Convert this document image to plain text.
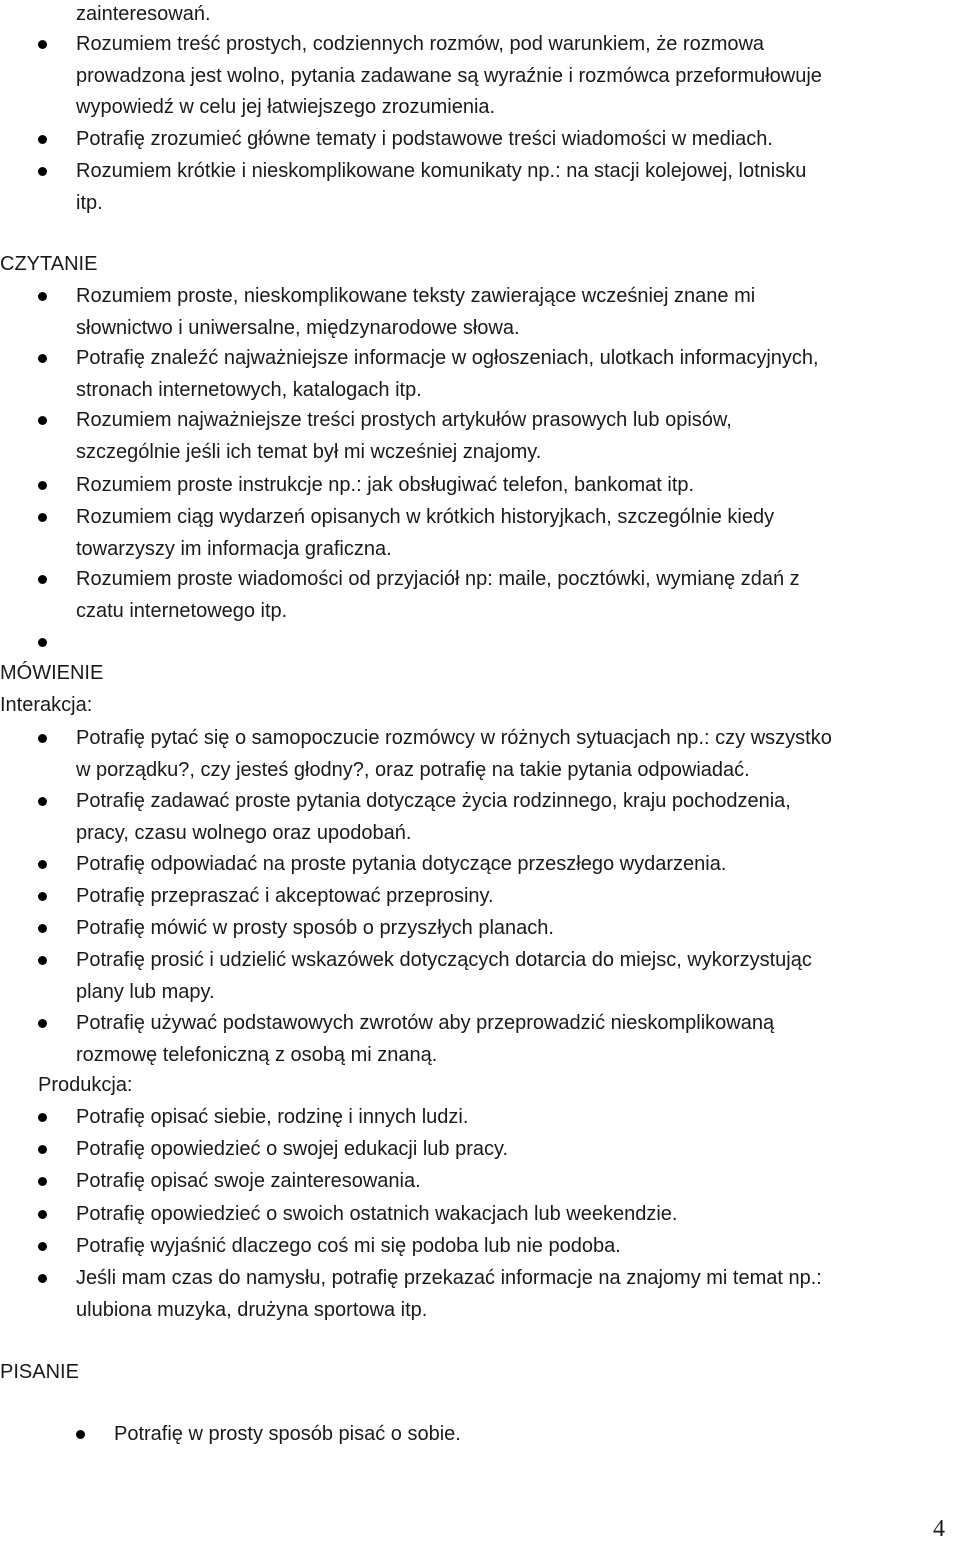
zainteresowań.
4
Rozumiem treść prostych, codziennych rozmów, pod warunkiem, że rozmowa
prowadzona jest wolno, pytania zadawane są wyraźnie i rozmówca przeformułowuje
wypowiedź w celu jej łatwiejszego zrozumienia.
Potrafię zrozumieć główne tematy i podstawowe treści wiadomości w mediach.
Rozumiem krótkie i nieskomplikowane komunikaty np.: na stacji kolejowej, lotnisku
itp.
CZYTANIE
Rozumiem proste, nieskomplikowane teksty zawierające wcześniej znane mi
słownictwo i uniwersalne, międzynarodowe słowa.
Potrafię znaleźć najważniejsze informacje w ogłoszeniach, ulotkach informacyjnych,
stronach internetowych, katalogach itp.
Rozumiem najważniejsze treści prostych artykułów prasowych lub opisów,
szczególnie jeśli ich temat był mi wcześniej znajomy.
Rozumiem proste instrukcje np.: jak obsługiwać telefon, bankomat itp.
Rozumiem ciąg wydarzeń opisanych w krótkich historyjkach, szczególnie kiedy
towarzyszy im informacja graficzna.
Rozumiem proste wiadomości od przyjaciół np: maile, pocztówki, wymianę zdań z
czatu internetowego itp.
MÓWIENIE
Interakcja:
Potrafię pytać się o samopoczucie rozmówcy w różnych sytuacjach np.: czy wszystko
w porządku?, czy jesteś głodny?, oraz potrafię na takie pytania odpowiadać.
Potrafię zadawać proste pytania dotyczące życia rodzinnego, kraju pochodzenia,
pracy, czasu wolnego oraz upodobań.
Potrafię odpowiadać na proste pytania dotyczące przeszłego wydarzenia.
Potrafię przepraszać i akceptować przeprosiny.
Potrafię mówić w prosty sposób o przyszłych planach.
Potrafię prosić i udzielić wskazówek dotyczących dotarcia do miejsc, wykorzystując
plany lub mapy.
Potrafię używać podstawowych zwrotów aby przeprowadzić nieskomplikowaną
rozmowę telefoniczną z osobą mi znaną.
Produkcja:
Potrafię opisać siebie, rodzinę i innych ludzi.
Potrafię opowiedzieć o swojej edukacji lub pracy.
Potrafię opisać swoje zainteresowania.
Potrafię opowiedzieć o swoich ostatnich wakacjach lub weekendzie.
Potrafię wyjaśnić dlaczego coś mi się podoba lub nie podoba.
Jeśli mam czas do namysłu, potrafię przekazać informacje na znajomy mi temat np.:
ulubiona muzyka, drużyna sportowa itp.
PISANIE
Potrafię w prosty sposób pisać o sobie.
